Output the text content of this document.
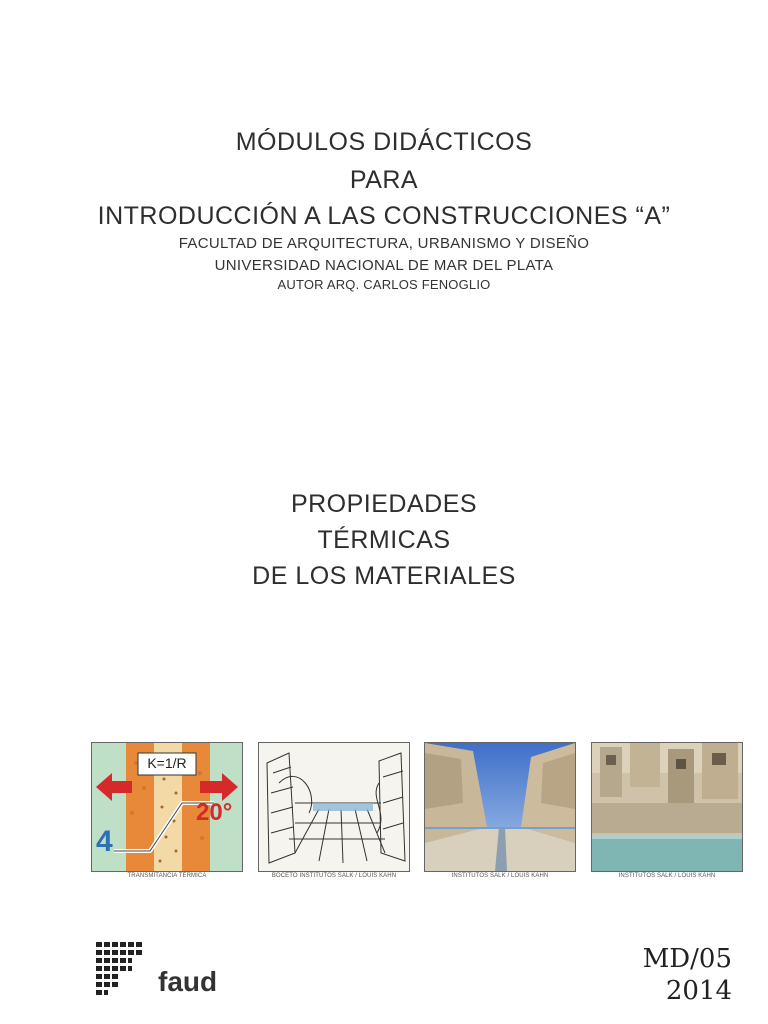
MÓDULOS DIDÁCTICOS
PARA
INTRODUCCIÓN A LAS CONSTRUCCIONES “A”
FACULTAD DE ARQUITECTURA, URBANISMO Y DISEÑO
UNIVERSIDAD NACIONAL DE MAR DEL PLATA
AUTOR ARQ. CARLOS FENOGLIO
PROPIEDADES
TÉRMICAS
DE LOS MATERIALES
K=1/R
4
20°
TRANSMITANCIA TÉRMICA	BOCETO INSTITUTOS SALK / LOUIS KAHN	INSTITUTOS SALK / LOUIS KAHN	INSTITUTOS SALK / LOUIS KAHN
faud
MD/05
2014
